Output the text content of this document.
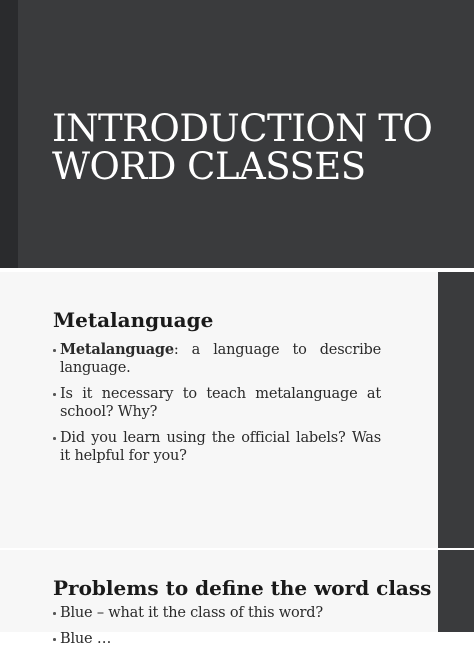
INTRODUCTION TO
WORD CLASSES
Metalanguage
Metalanguage: a language to describe language.
Is it necessary to teach metalanguage at school? Why?
Did you learn using the official labels? Was it helpful for you?
Problems to define the word class
Blue – what it the class of this word?
Blue …
